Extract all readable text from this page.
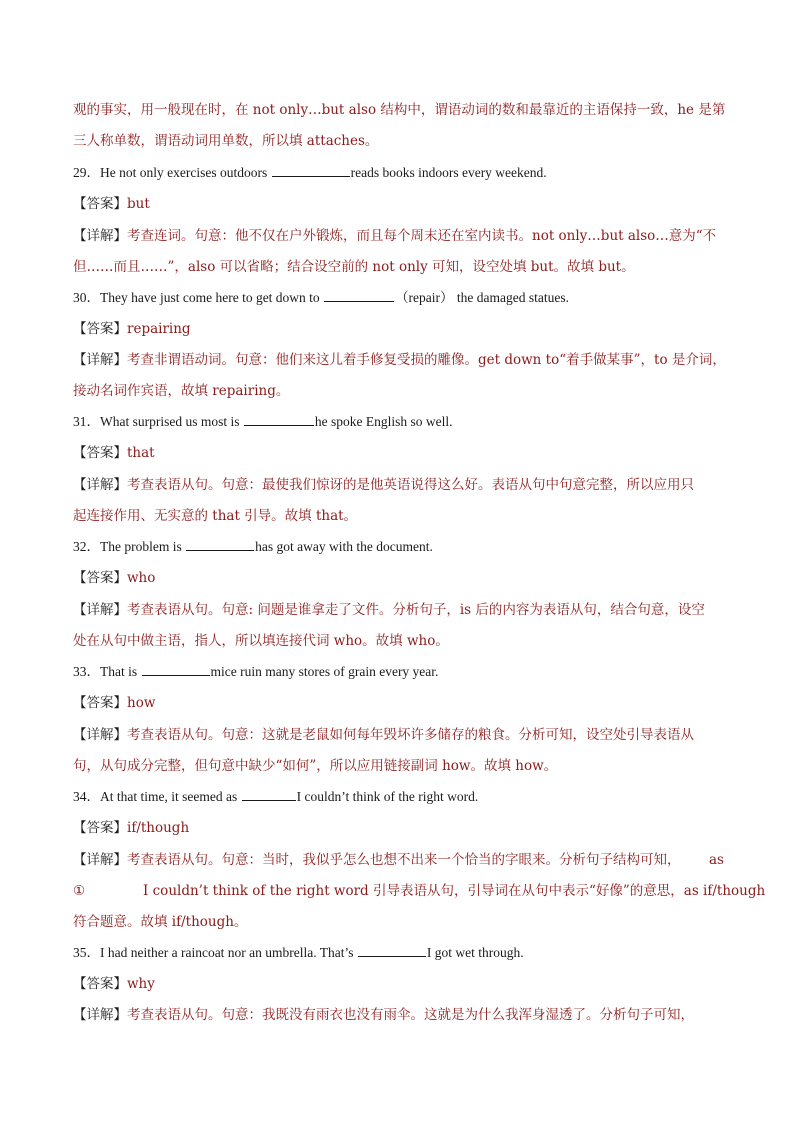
观的事实，用一般现在时，在 not only…but also 结构中，谓语动词的数和最靠近的主语保持一致，he 是第
三人称单数，谓语动词用单数，所以填 attaches。
29．He not only exercises outdoors	reads books indoors every weekend.
【答案】but
【详解】考查连词。句意：他不仅在户外锻炼，而且每个周末还在室内读书。not only…but also…意为“不
但……而且……”，also 可以省略；结合设空前的 not only 可知，设空处填 but。故填 but。
30．They have just come here to get down to	（repair） the damaged statues.
【答案】repairing
【详解】考查非谓语动词。句意：他们来这儿着手修复受损的雕像。get down to“着手做某事”，to 是介词，
接动名词作宾语，故填 repairing。
31．What surprised us most is	he spoke English so well.
【答案】that
【详解】考查表语从句。句意：最使我们惊讶的是他英语说得这么好。表语从句中句意完整，所以应用只
起连接作用、无实意的 that 引导。故填 that。
32．The problem is	has got away with the document.
【答案】who
【详解】考查表语从句。句意: 问题是谁拿走了文件。分析句子，is 后的内容为表语从句，结合句意，设空
处在从句中做主语，指人，所以填连接代词 who。故填 who。
33．That is	mice ruin many stores of grain every year.
【答案】how
【详解】考查表语从句。句意：这就是老鼠如何每年毁坏许多储存的粮食。分析可知，设空处引导表语从
句，从句成分完整，但句意中缺少“如何”，所以应用链接副词 how。故填 how。
34．At that time, it seemed as	I couldn’t think of the right word.
【答案】if/though
【详解】考查表语从句。句意：当时，我似乎怎么也想不出来一个恰当的字眼来。分析句子结构可知， as
①	I couldn’t think of the right word 引导表语从句，引导词在从句中表示“好像”的意思，as if/though
符合题意。故填 if/though。
35．I had neither a raincoat nor an umbrella. That’s	I got wet through.
【答案】why
【详解】考查表语从句。句意：我既没有雨衣也没有雨伞。这就是为什么我浑身湿透了。分析句子可知，
